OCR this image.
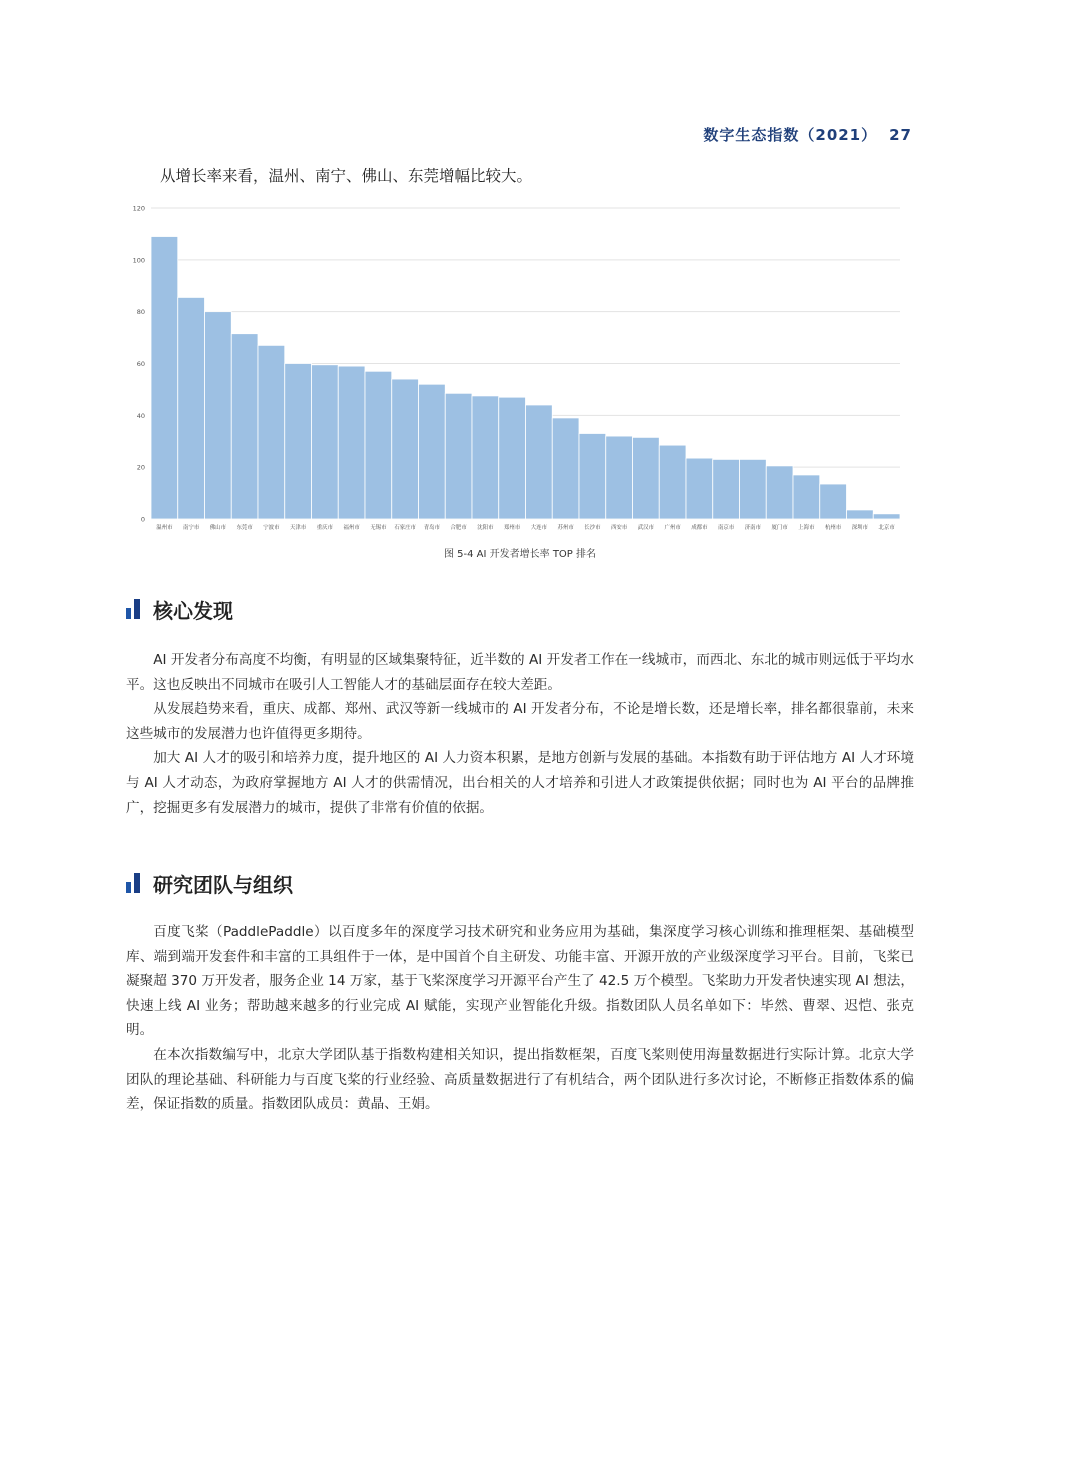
数字生态指数（2021） 27
从增长率来看，温州、南宁、佛山、东莞增幅比较大。
0
20
40
60
80
100
120
温州市 南宁市 佛山市 东莞市 宁波市 天津市 重庆市 福州市 无锡市 石家庄市 青岛市 合肥市 沈阳市 郑州市 大连市 苏州市 长沙市 西安市 武汉市 广州市 成都市 南京市 济南市 厦门市 上海市 杭州市 深圳市 北京市
图 5-4 AI 开发者增长率 TOP 排名
核心发现

AI 开发者分布高度不均衡，有明显的区域集聚特征，近半数的 AI 开发者工作在一线城市，而西北、东北的城市则远低于平均水平。这也反映出不同城市在吸引人工智能人才的基础层面存在较大差距。

从发展趋势来看，重庆、成都、郑州、武汉等新一线城市的 AI 开发者分布，不论是增长数，还是增长率，排名都很靠前，未来这些城市的发展潜力也许值得更多期待。

加大 AI 人才的吸引和培养力度，提升地区的 AI 人力资本积累，是地方创新与发展的基础。本指数有助于评估地方 AI 人才环境与 AI 人才动态，为政府掌握地方 AI 人才的供需情况，出台相关的人才培养和引进人才政策提供依据；同时也为 AI 平台的品牌推广，挖掘更多有发展潜力的城市，提供了非常有价值的依据。

研究团队与组织

百度飞桨（PaddlePaddle）以百度多年的深度学习技术研究和业务应用为基础，集深度学习核心训练和推理框架、基础模型库、端到端开发套件和丰富的工具组件于一体，是中国首个自主研发、功能丰富、开源开放的产业级深度学习平台。目前，飞桨已凝聚超 370 万开发者，服务企业 14 万家，基于飞桨深度学习开源平台产生了 42.5 万个模型。飞桨助力开发者快速实现 AI 想法，快速上线 AI 业务；帮助越来越多的行业完成 AI 赋能，实现产业智能化升级。指数团队人员名单如下：毕然、曹翠、迟恺、张克明。

在本次指数编写中，北京大学团队基于指数构建相关知识，提出指数框架，百度飞桨则使用海量数据进行实际计算。北京大学团队的理论基础、科研能力与百度飞桨的行业经验、高质量数据进行了有机结合，两个团队进行多次讨论，不断修正指数体系的偏差，保证指数的质量。指数团队成员：黄晶、王娟。
